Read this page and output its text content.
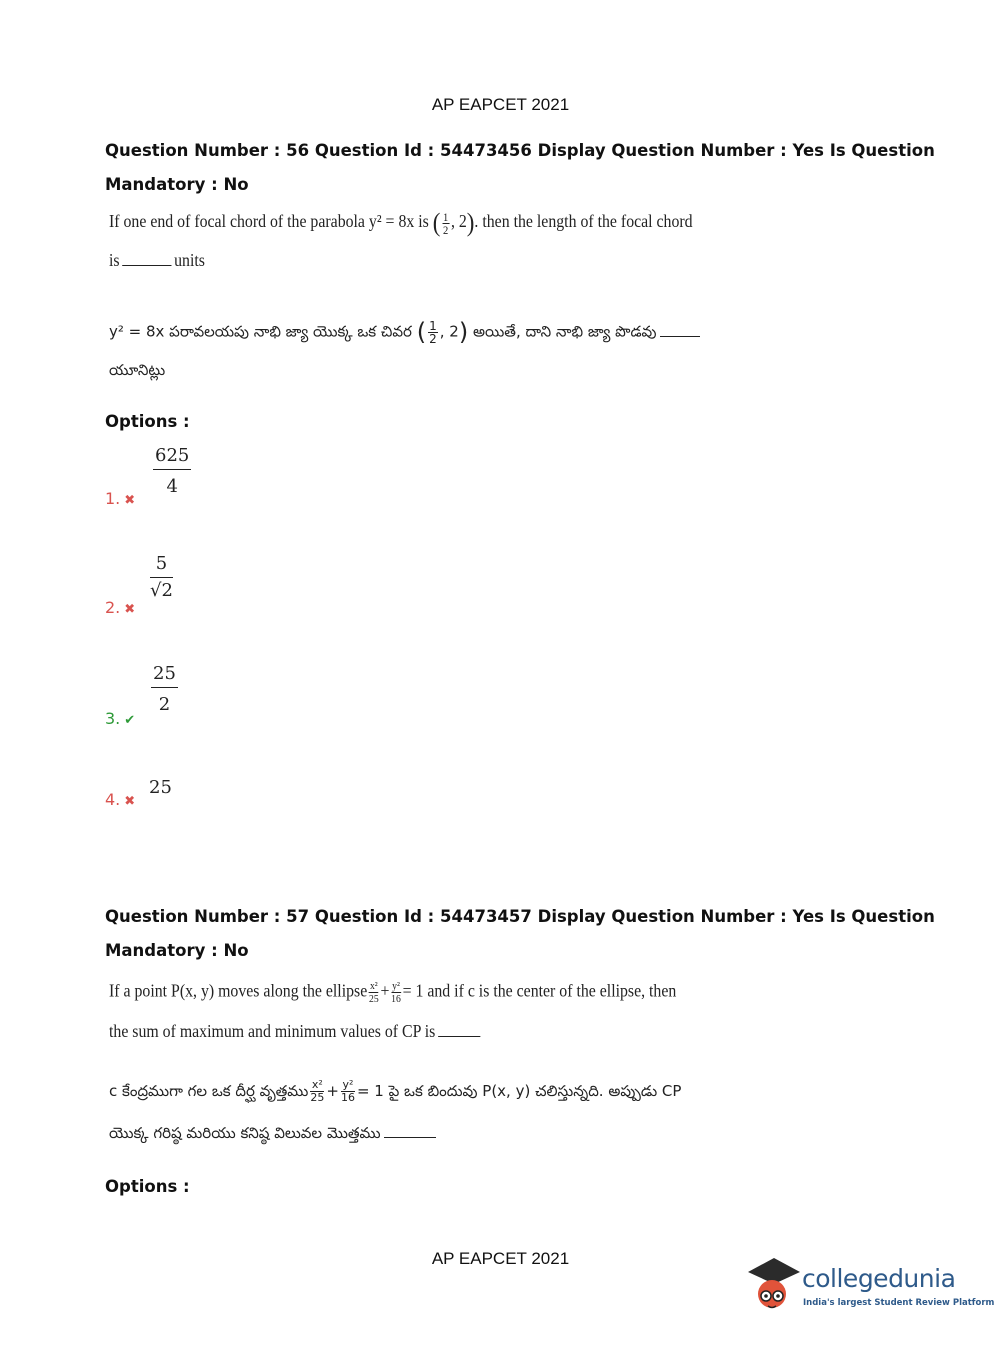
AP EAPCET 2021
Question Number : 56 Question Id : 54473456 Display Question Number : Yes Is Question
Mandatory : No
If one end of focal chord of the parabola y² = 8x is ( $\frac{1}{2}$ , 2). then the length of the focal chord
is	units
y² = 8x పరావలయపు నాభి జ్యా యొక్క ఒక చివర ( $\frac{1}{2}$ , 2) అయితే, దాని నాభి జ్యా పొడవు
యూనిట్లు
Options :
625
4
1. ✖
5
√2
2. ✖
25
2
3. ✔
25
4. ✖
Question Number : 57 Question Id : 54473457 Display Question Number : Yes Is Question
Mandatory : No
If a point P(x, y) moves along the ellipse $\frac{\text{x²}}{25} + \frac{\text{y²}}{16} = 1$ and if c is the center of the ellipse, then
the sum of maximum and minimum values of CP is
c కేంద్రముగా గల ఒక దీర్ఘ వృత్తము $\frac{\text{x²}}{25} + \frac{\text{y²}}{16} = 1$ పై ఒక బిందువు P(x, y) చలిస్తున్నది. అప్పుడు CP
యొక్క గరిష్ఠ మరియు కనిష్ఠ విలువల మొత్తము
Options :
AP EAPCET 2021
collegedunia
India's largest Student Review Platform
